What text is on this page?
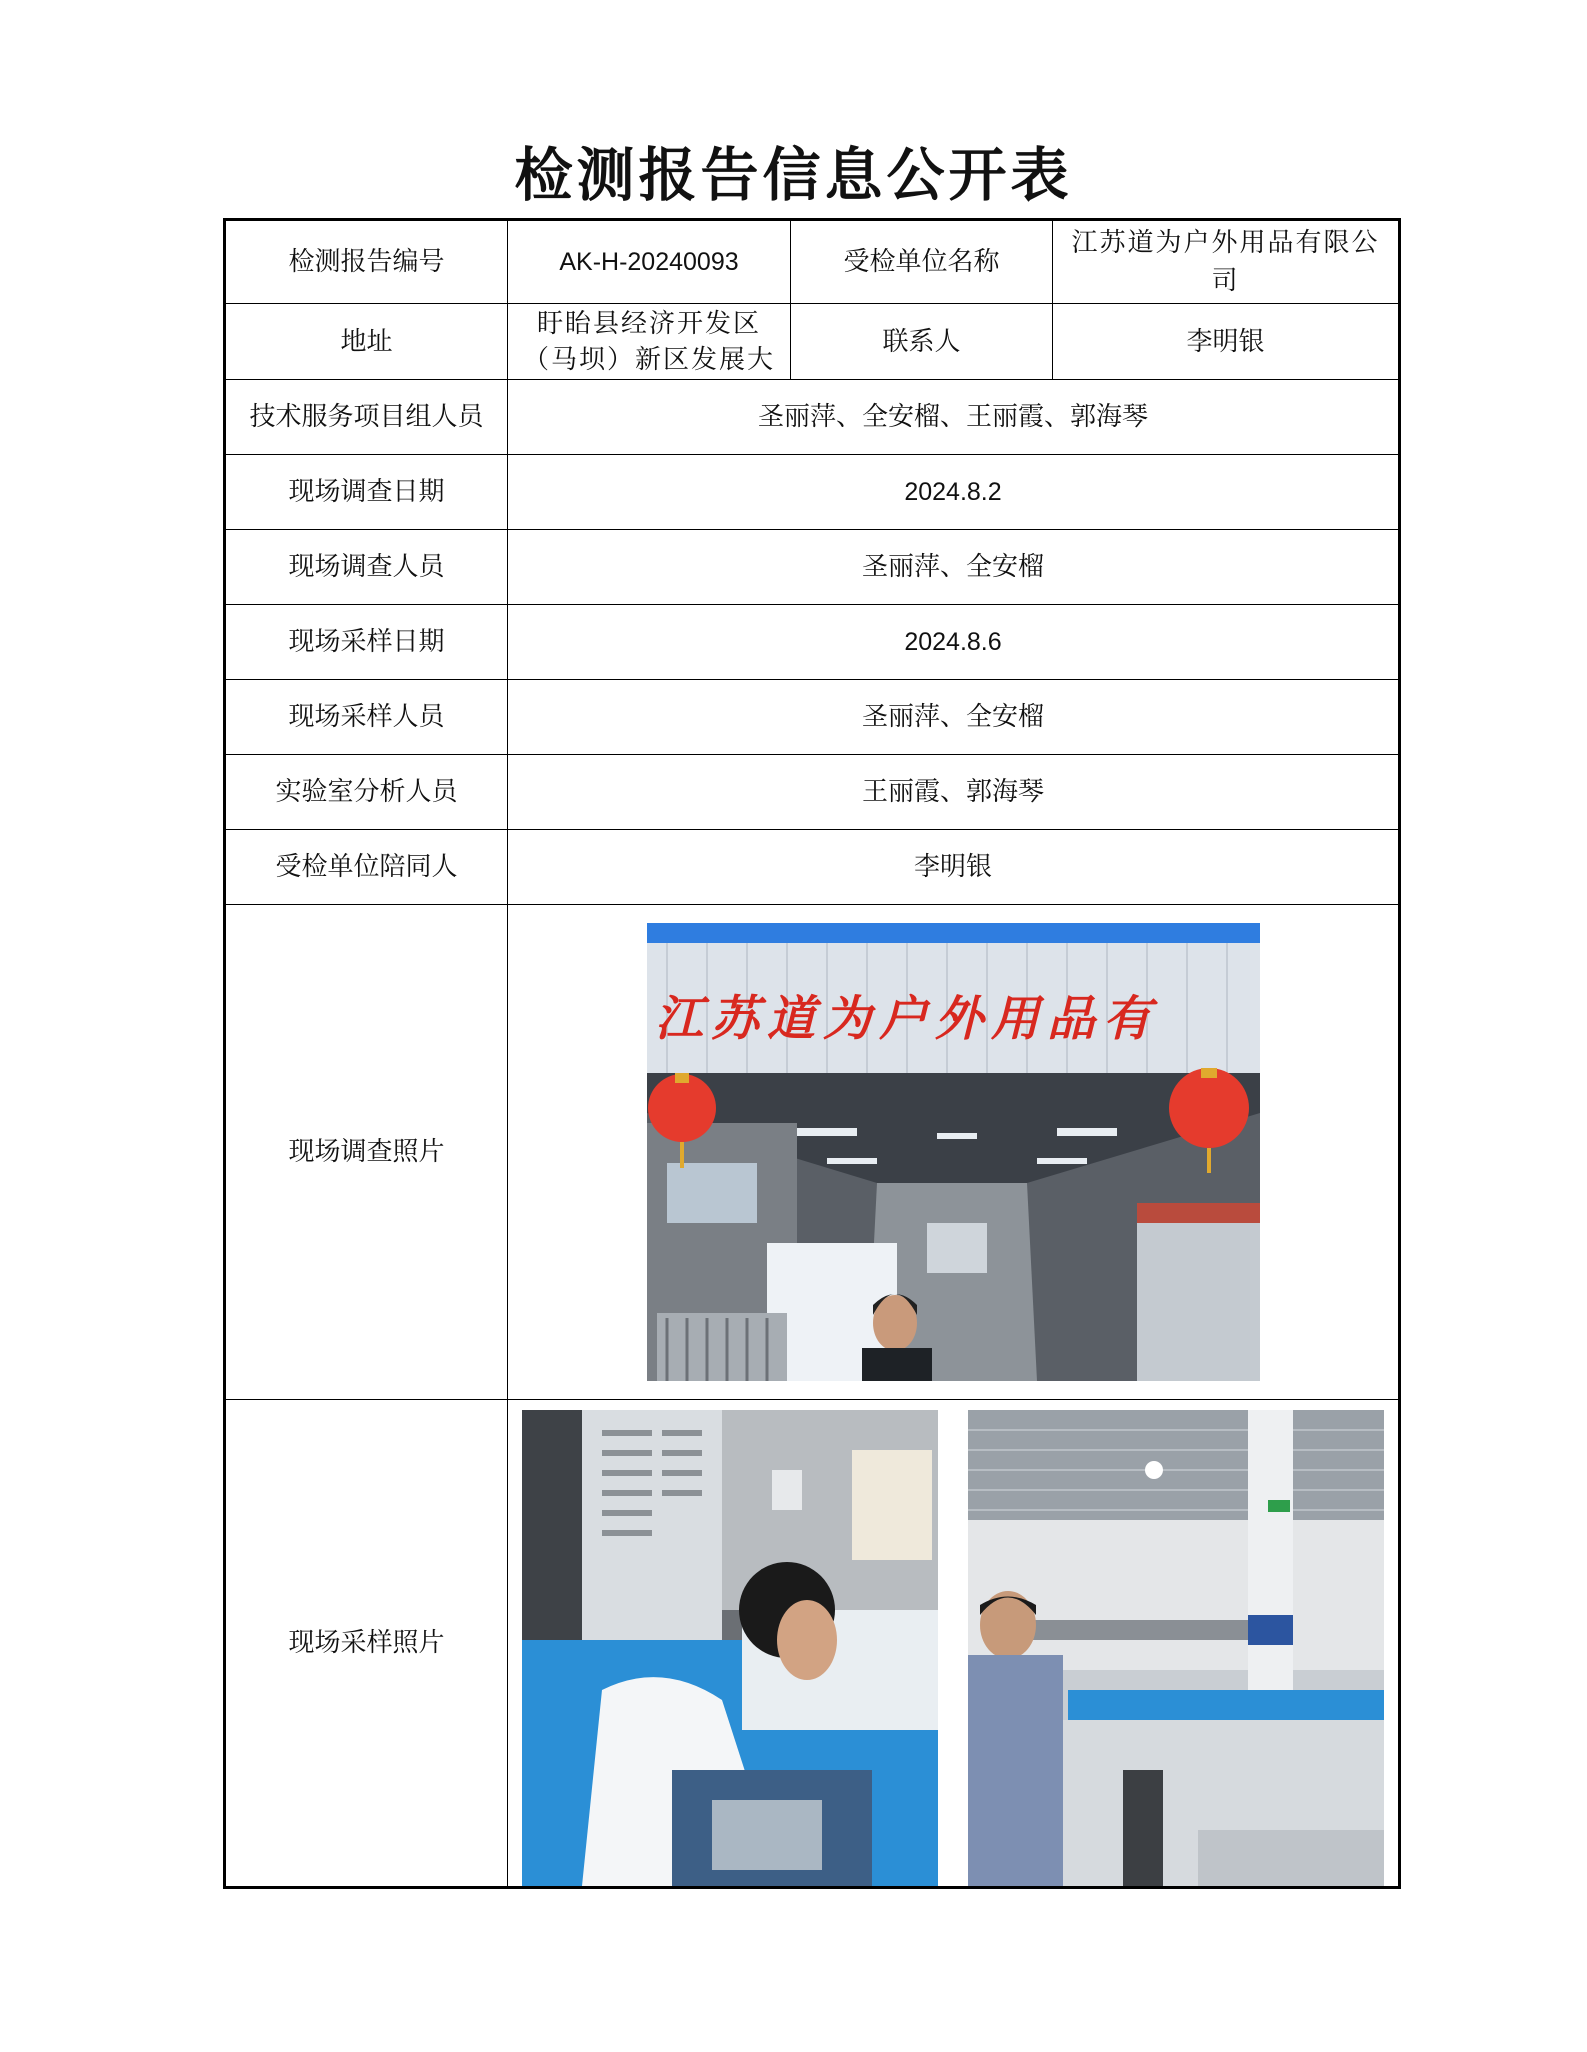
检测报告信息公开表
检测报告编号	AK-H-20240093	受检单位名称	江苏道为户外用品有限公司
地址	盱眙县经济开发区（马坝）新区发展大	联系人	李明银
技术服务项目组人员	圣丽萍、全安榴、王丽霞、郭海琴		
现场调查日期	2024.8.2		
现场调查人员	圣丽萍、全安榴		
现场采样日期	2024.8.6		
现场采样人员	圣丽萍、全安榴		
实验室分析人员	王丽霞、郭海琴		
受检单位陪同人	李明银		
现场调查照片	江苏道为户外用品有		

现场采样照片	
